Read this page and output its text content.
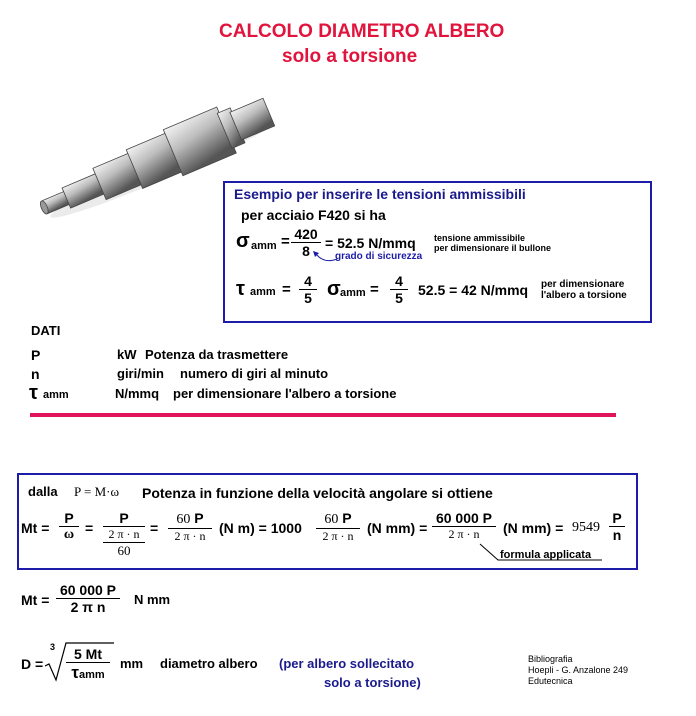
CALCOLO DIAMETRO ALBERO
solo a torsione
Esempio per inserire le tensioni ammissibili
per acciaio F420 si ha
σ amm = $\frac{420}{8} = 52.5$ N/mmq tensione ammissibile
per dimensionare il bullone
grado di sicurezza
τ amm = $\frac{4}{5}$ σ amm = $\frac{4}{5} 52.5 = 42$ N/mmq per dimensionare
l'albero a torsione
DATI
P	kW Potenza da trasmettere
n	giri/min numero di giri al minuto
τ amm	N/mmq per dimensionare l'albero a torsione
dalla P = M·ω Potenza in funzione della velocità angolare si ottiene
$Mt = \frac{P}{\omega}$ =
P
2 π · n
60
= $\frac{60 P}{2 \pi \cdot n} (N$ $m) = 1000 \frac{60 P}{2 \pi \cdot n} (N$ $mm) = \frac{60 000 P}{2 \pi \cdot n} (N$ $mm) = 9549 \frac{P}{n}$
formula applicata
$Mt = \frac{60 000 P}{\text{2 π n}}$ N mm
D =
3	5 Mt
τamm
mm diametro albero (per albero sollecitato
solo a torsione)
Bibliografia
Hoepli - G. Anzalone 249
Edutecnica
